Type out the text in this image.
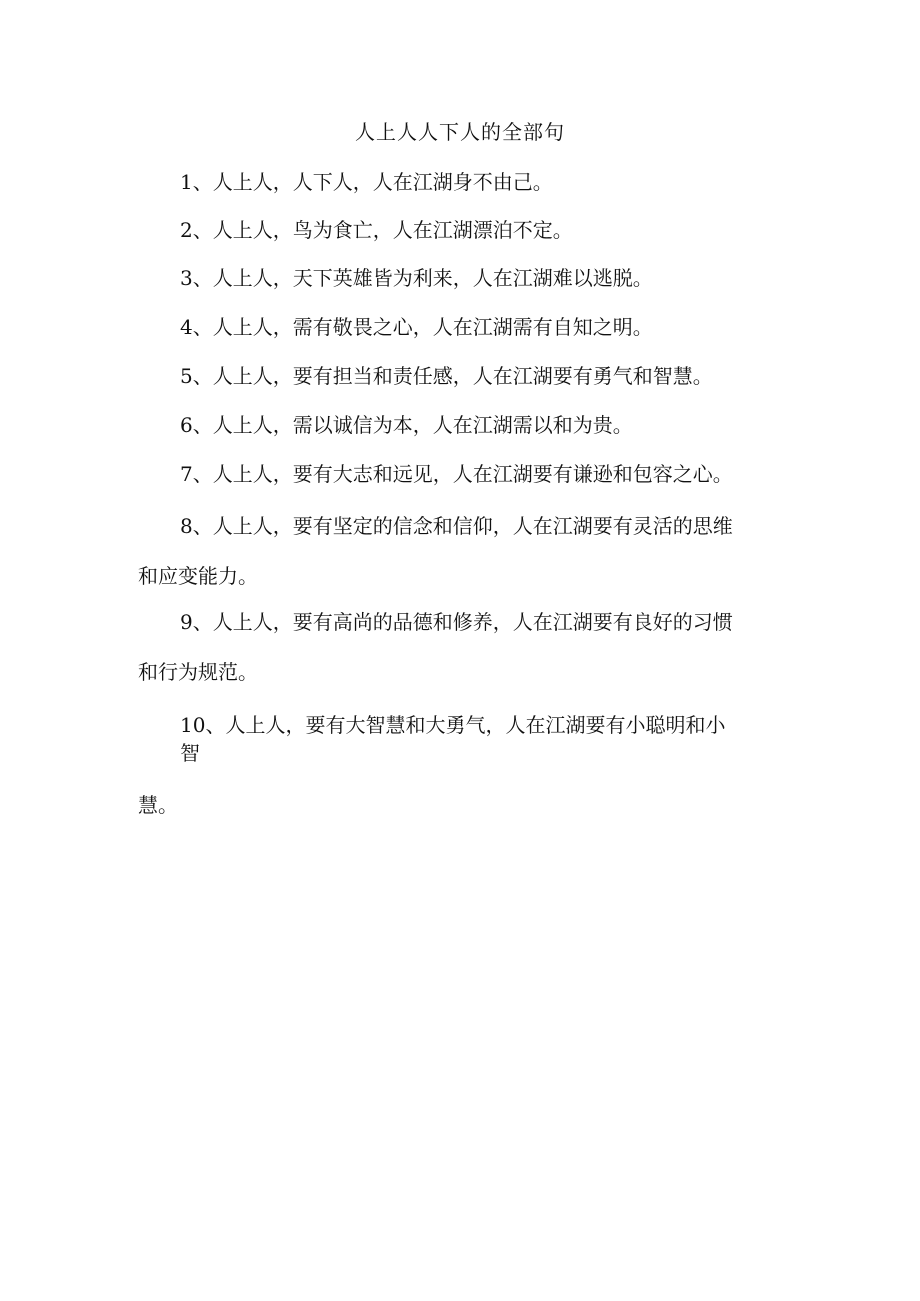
人上人人下人的全部句
1、人上人，人下人，人在江湖身不由己。
2、人上人，鸟为食亡，人在江湖漂泊不定。
3、人上人，天下英雄皆为利来，人在江湖难以逃脱。
4、人上人，需有敬畏之心，人在江湖需有自知之明。
5、人上人，要有担当和责任感，人在江湖要有勇气和智慧。
6、人上人，需以诚信为本，人在江湖需以和为贵。
7、人上人，要有大志和远见，人在江湖要有谦逊和包容之心。
8、人上人，要有坚定的信念和信仰，人在江湖要有灵活的思维
和应变能力。
9、人上人，要有高尚的品德和修养，人在江湖要有良好的习惯
和行为规范。
10、人上人，要有大智慧和大勇气，人在江湖要有小聪明和小
智
慧。
